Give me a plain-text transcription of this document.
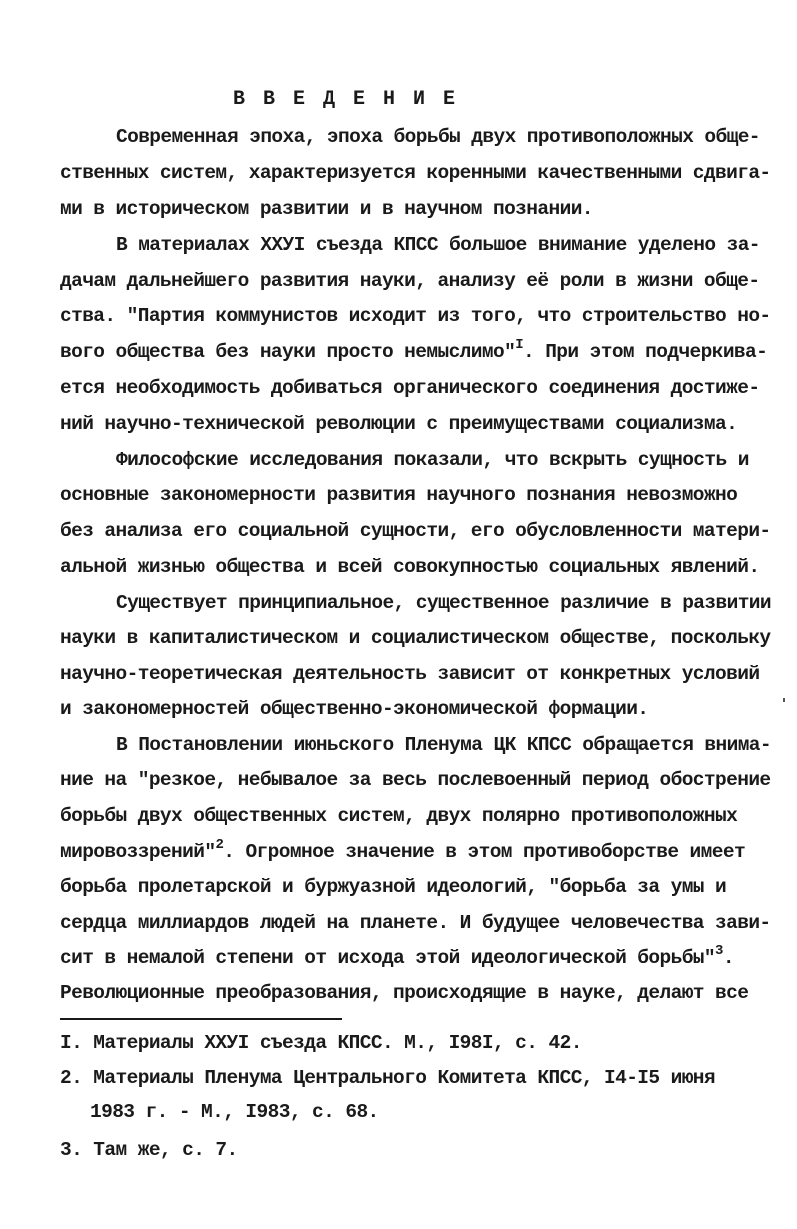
В В Е Д Е Н И Е
Современная эпоха, эпоха борьбы двух противоположных обще-
ственных систем, характеризуется коренными качественными сдвига-
ми в историческом развитии и в научном познании.
В материалах ХХУI съезда КПСС большое внимание уделено за-
дачам дальнейшего развития науки, анализу её роли в жизни обще-
ства. "Партия коммунистов исходит из того, что строительство но-
вого общества без науки просто немыслимо"$^I$. При этом подчеркива-
ется необходимость добиваться органического соединения достиже-
ний научно-технической революции с преимуществами социализма.
Философские исследования показали, что вскрыть сущность и
основные закономерности развития научного познания невозможно
без анализа его социальной сущности, его обусловленности матери-
альной жизнью общества и всей совокупностью социальных явлений.
Существует принципиальное, существенное различие в развитии
науки в капиталистическом и социалистическом обществе, поскольку
научно-теоретическая деятельность зависит от конкретных условий
и закономерностей общественно-экономической формации.
В Постановлении июньского Пленума ЦК КПСС обращается внима-
ние на "резкое, небывалое за весь послевоенный период обострение
борьбы двух общественных систем, двух полярно противоположных
мировоззрений"$^2$. Огромное значение в этом противоборстве имеет
борьба пролетарской и буржуазной идеологий, "борьба за умы и
сердца миллиардов людей на планете. И будущее человечества зави-
сит в немалой степени от исхода этой идеологической борьбы"$^3$.
Революционные преобразования, происходящие в науке, делают все
I. Материалы ХХУI съезда КПСС. М., I98I, с. 42.
2. Материалы Пленума Центрального Комитета КПСС, I4-I5 июня
1983 г. - М., I983, с. 68.
3. Там же, с. 7.
